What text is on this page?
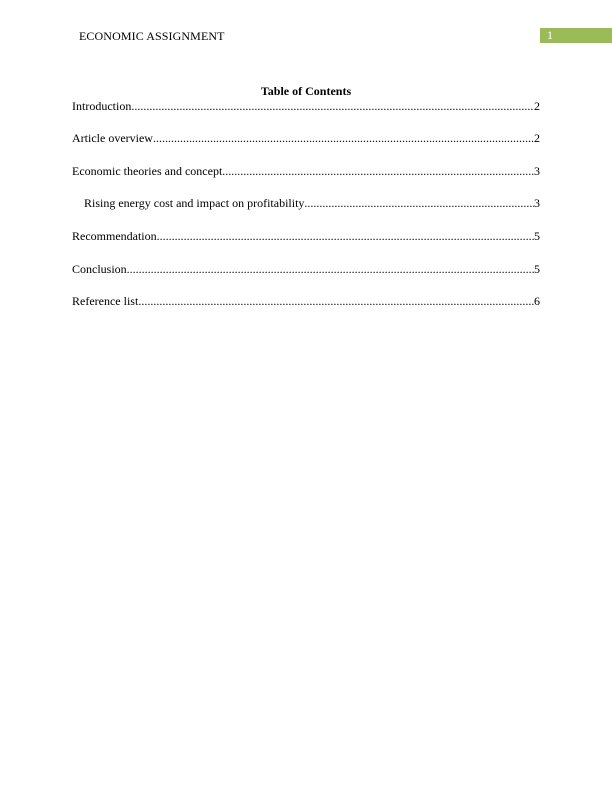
ECONOMIC ASSIGNMENT	1
Table of Contents
Introduction .....	2
Article overview .....	2
Economic theories and concept .....	3
Rising energy cost and impact on profitability .....	3
Recommendation .....	5
Conclusion .....	5
Reference list .....	6
